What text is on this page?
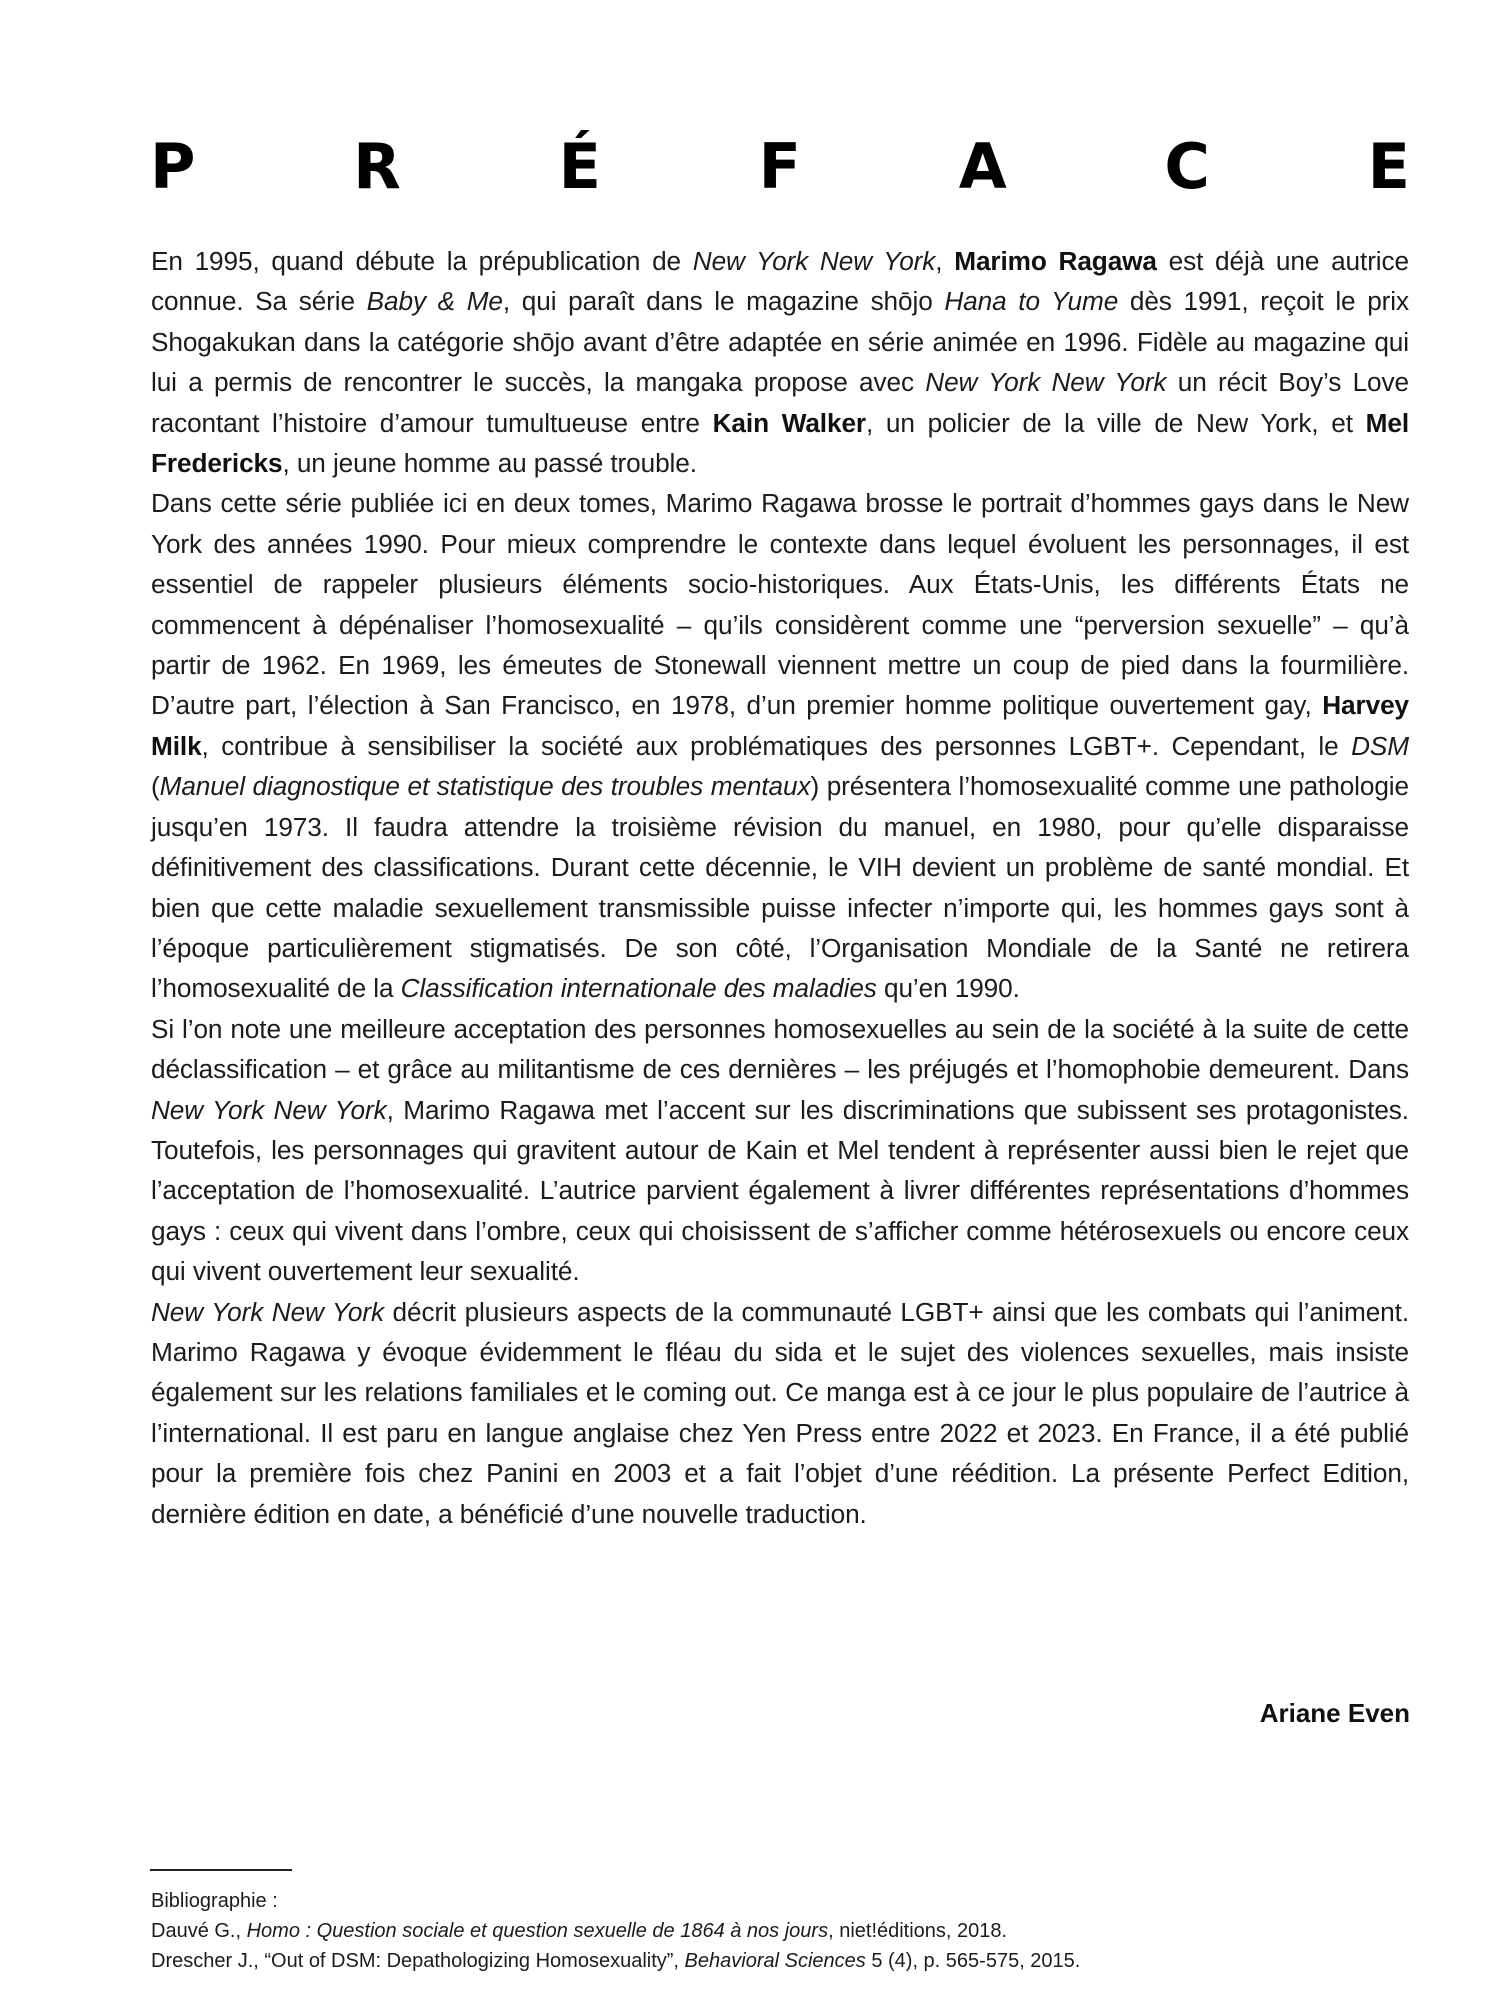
P	R	É	F	A	C	E

En 1995, quand débute la prépublication de New York New York, Marimo Ragawa est déjà une autrice connue. Sa série Baby & Me, qui paraît dans le magazine shōjo Hana to Yume dès 1991, reçoit le prix Shogakukan dans la catégorie shōjo avant d’être adaptée en série animée en 1996. Fidèle au magazine qui lui a permis de rencontrer le succès, la mangaka propose avec New York New York un récit Boy’s Love racontant l’histoire d’amour tumultueuse entre Kain Walker, un policier de la ville de New York, et Mel Fredericks, un jeune homme au passé trouble.

Dans cette série publiée ici en deux tomes, Marimo Ragawa brosse le portrait d’hommes gays dans le New York des années 1990. Pour mieux comprendre le contexte dans lequel évoluent les personnages, il est essentiel de rappeler plusieurs éléments socio-historiques. Aux États-Unis, les différents États ne commencent à dépénaliser l’homosexualité – qu’ils considèrent comme une “perversion sexuelle” – qu’à partir de 1962. En 1969, les émeutes de Stonewall viennent mettre un coup de pied dans la fourmilière. D’autre part, l’élection à San Francisco, en 1978, d’un premier homme politique ouvertement gay, Harvey Milk, contribue à sensibiliser la société aux problématiques des personnes LGBT+. Cependant, le DSM (Manuel diagnostique et statistique des troubles mentaux) présentera l’homosexualité comme une pathologie jusqu’en 1973. Il faudra attendre la troisième révision du manuel, en 1980, pour qu’elle disparaisse définitivement des classifications. Durant cette décennie, le VIH devient un problème de santé mondial. Et bien que cette maladie sexuellement transmissible puisse infecter n’importe qui, les hommes gays sont à l’époque particulièrement stigmatisés. De son côté, l’Organisation Mondiale de la Santé ne retirera l’homosexualité de la Classification internationale des maladies qu’en 1990.

Si l’on note une meilleure acceptation des personnes homosexuelles au sein de la société à la suite de cette déclassification – et grâce au militantisme de ces dernières – les préjugés et l’homophobie demeurent. Dans New York New York, Marimo Ragawa met l’accent sur les discriminations que subissent ses protagonistes. Toutefois, les personnages qui gravitent autour de Kain et Mel tendent à représenter aussi bien le rejet que l’acceptation de l’homosexualité. L’autrice parvient également à livrer différentes représentations d’hommes gays : ceux qui vivent dans l’ombre, ceux qui choisissent de s’afficher comme hétérosexuels ou encore ceux qui vivent ouvertement leur sexualité.

New York New York décrit plusieurs aspects de la communauté LGBT+ ainsi que les combats qui l’animent. Marimo Ragawa y évoque évidemment le fléau du sida et le sujet des violences sexuelles, mais insiste également sur les relations familiales et le coming out. Ce manga est à ce jour le plus populaire de l’autrice à l’international. Il est paru en langue anglaise chez Yen Press entre 2022 et 2023. En France, il a été publié pour la première fois chez Panini en 2003 et a fait l’objet d’une réédition. La présente Perfect Edition, dernière édition en date, a bénéficié d’une nouvelle traduction.

Ariane Even
Bibliographie :
Dauvé G., Homo : Question sociale et question sexuelle de 1864 à nos jours, niet!éditions, 2018.
Drescher J., “Out of DSM: Depathologizing Homosexuality”, Behavioral Sciences 5 (4), p. 565-575, 2015.
